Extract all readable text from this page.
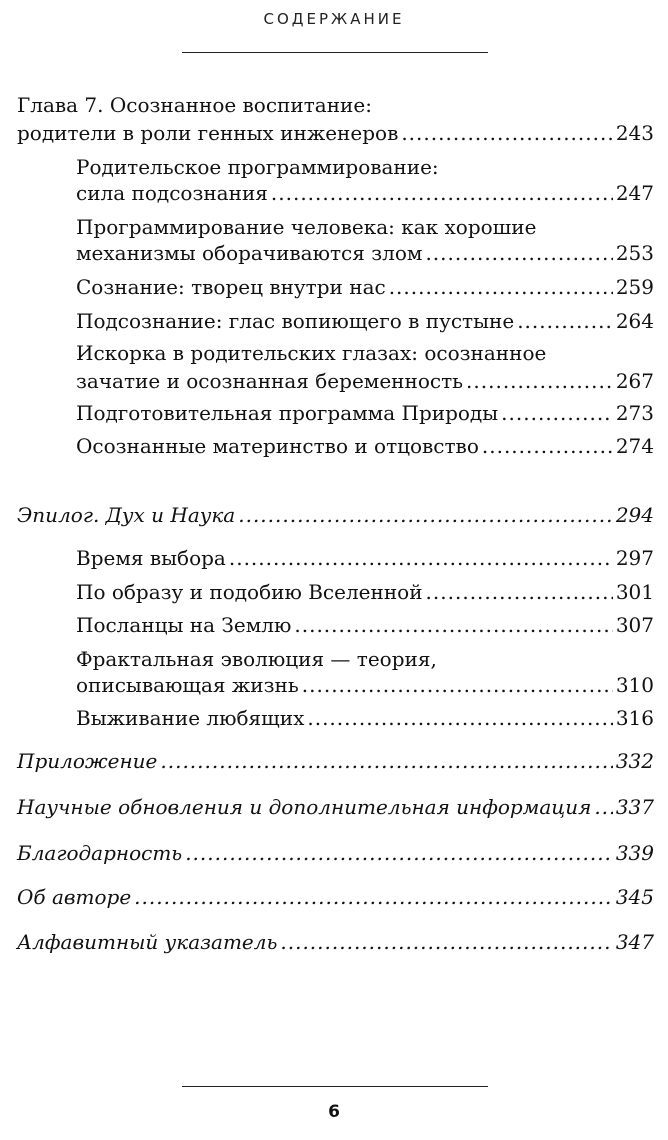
СОДЕРЖАНИЕ
Глава 7. Осознанное воспитание:
родители в роли генных инженеров .....	243
Родительское программирование:
сила подсознания .....	247
Программирование человека: как хорошие
механизмы оборачиваются злом .....	253
Сознание: творец внутри нас .....	259
Подсознание: глас вопиющего в пустыне .....	264
Искорка в родительских глазах: осознанное
зачатие и осознанная беременность .....	267
Подготовительная программа Природы .....	273
Осознанные материнство и отцовство .....	274
Эпилог. Дух и Наука .....	294
Время выбора .....	297
По образу и подобию Вселенной .....	301
Посланцы на Землю .....	307
Фрактальная эволюция — теория,
описывающая жизнь .....	310
Выживание любящих .....	316
Приложение .....	332
Научные обновления и дополнительная информация ..... 337
Благодарность .....	339
Об авторе .....	345
Алфавитный указатель .....	347
6
